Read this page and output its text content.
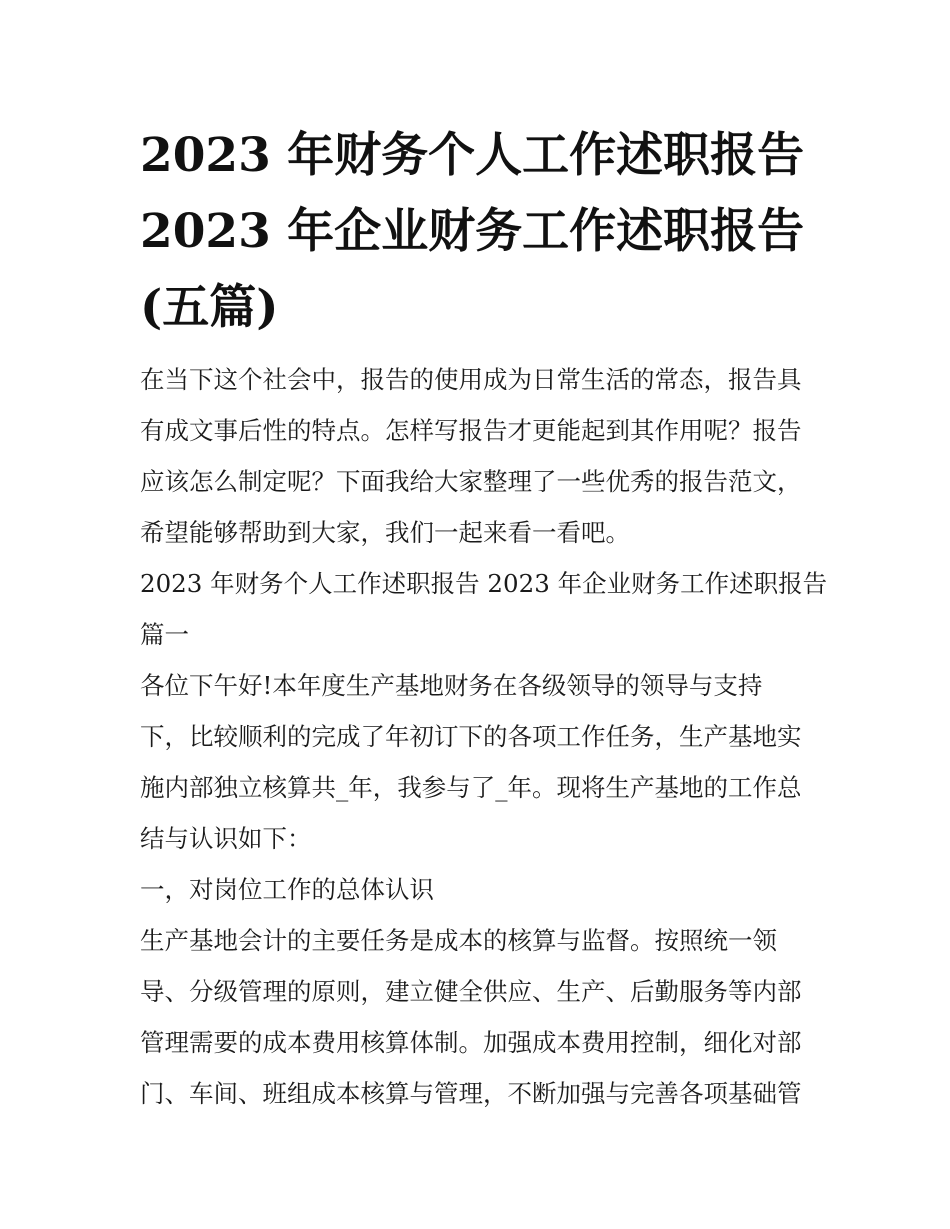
2023 年财务个人工作述职报告
2023 年企业财务工作述职报告
(五篇)
在当下这个社会中，报告的使用成为日常生活的常态，报告具
有成文事后性的特点。怎样写报告才更能起到其作用呢？报告
应该怎么制定呢？下面我给大家整理了一些优秀的报告范文，
希望能够帮助到大家，我们一起来看一看吧。
2023 年财务个人工作述职报告 2023 年企业财务工作述职报告
篇一
各位下午好!本年度生产基地财务在各级领导的领导与支持
下，比较顺利的完成了年初订下的各项工作任务，生产基地实
施内部独立核算共_年，我参与了_年。现将生产基地的工作总
结与认识如下：
一，对岗位工作的总体认识
生产基地会计的主要任务是成本的核算与监督。按照统一领
导、分级管理的原则，建立健全供应、生产、后勤服务等内部
管理需要的成本费用核算体制。加强成本费用控制，细化对部
门、车间、班组成本核算与管理，不断加强与完善各项基础管
